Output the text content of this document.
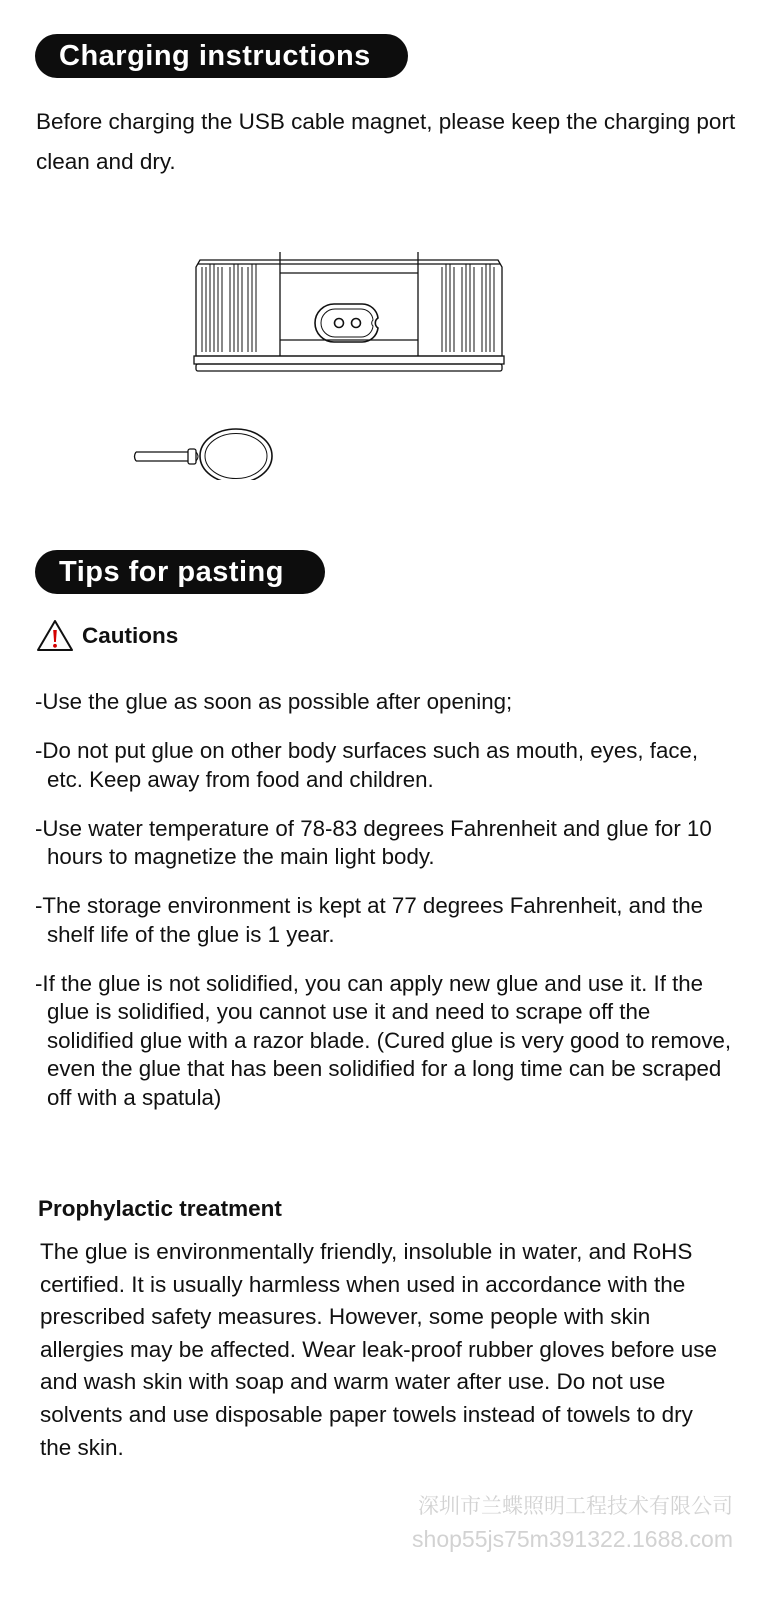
Charging instructions

Before charging the USB cable magnet, please keep the charging port clean and dry.

Tips for pasting
Cautions
-Use the glue as soon as possible after opening;
-Do not put glue on other body surfaces such as mouth, eyes, face, etc. Keep away from food and children.
-Use water temperature of 78-83 degrees Fahrenheit and glue for 10 hours to magnetize the main light body.
-The storage environment is kept at 77 degrees Fahrenheit, and the shelf life of the glue is 1 year.
-If the glue is not solidified, you can apply new glue and use it. If the glue is solidified, you cannot use it and need to scrape off the solidified glue with a razor blade. (Cured glue is very good to remove, even the glue that has been solidified for a long time can be scraped off with a spatula)
Prophylactic treatment

The glue is environmentally friendly, insoluble in water, and RoHS certified. It is usually harmless when used in accordance with the prescribed safety measures. However, some people with skin allergies may be affected. Wear leak-proof rubber gloves before use and wash skin with soap and warm water after use. Do not use solvents and use disposable paper towels instead of towels to dry the skin.

深圳市兰蝶照明工程技术有限公司

shop55js75m391322.1688.com
